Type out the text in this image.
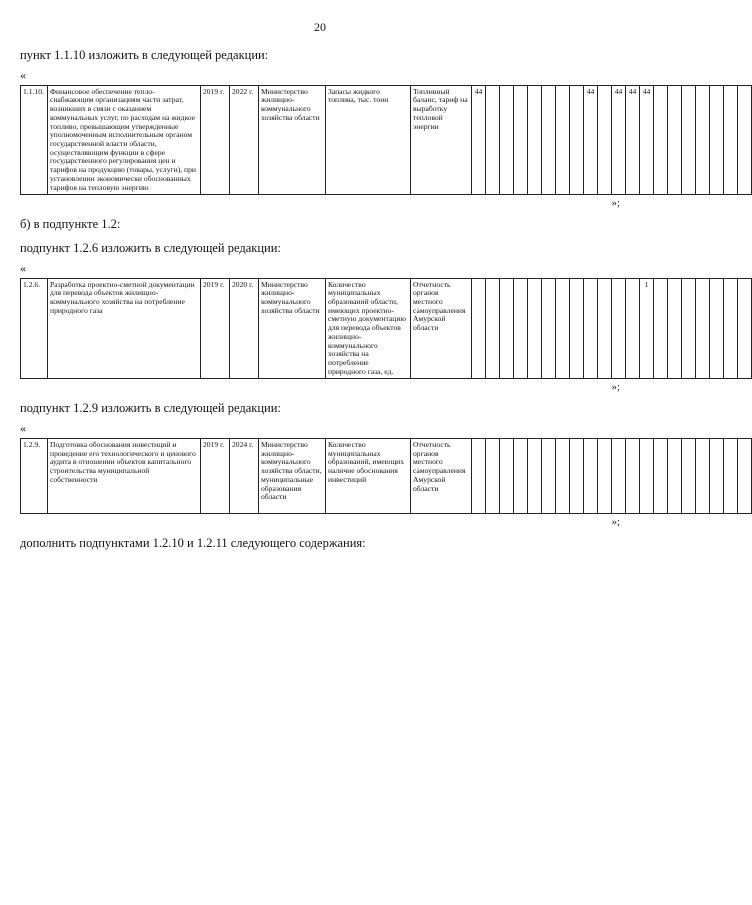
20
пункт 1.1.10 изложить в следующей редакции:
«
1.1.10.	Финансовое обеспечение тепло-снабжающим организациям части затрат, возникших в связи с оказанием коммунальных услуг, по расходам на жидкое топливо, превышающим утвержденные уполномоченным исполнительным органом государственной власти области, осуществляющим функции в сфере государственного регулирования цен и тарифов на продукцию (товары, услуги), при установлении экономически обоснованных тарифов на тепловую энергию	2019 г.	2022 г.	Министерство жилищно-коммунального хозяйства области	Запасы жидкого топлива, тыс. тонн	Топливный баланс, тариф на выработку тепловой энергии	44								44		44	44	44							
»;
б) в подпункте 1.2:
подпункт 1.2.6 изложить в следующей редакции:
«
1.2.6.	Разработка проектно-сметной документации для перевода объектов жилищно-коммунального хозяйства на потребление природного газа	2019 г.	2020 г.	Министерство жилищно-коммунального хозяйства области	Количество муниципальных образований области, имеющих проектно-сметную документацию для перевода объектов жилищно-коммунального хозяйства на потребление природного газа, ед.	Отчетность органов местного самоуправления Амурской области													1							
»;
подпункт 1.2.9 изложить в следующей редакции:
«
1.2.9.	Подготовка обоснования инвестиций и проведение его технологического и ценового аудита в отношении объектов капитального строительства муниципальной собственности	2019 г.	2024 г.	Министерство жилищно-коммунального хозяйства области, муниципальные образования области	Количество муниципальных образований, имеющих наличие обоснования инвестиций	Отчетность органов местного самоуправления Амурской области																				
»;
дополнить подпунктами 1.2.10 и 1.2.11 следующего содержания:
